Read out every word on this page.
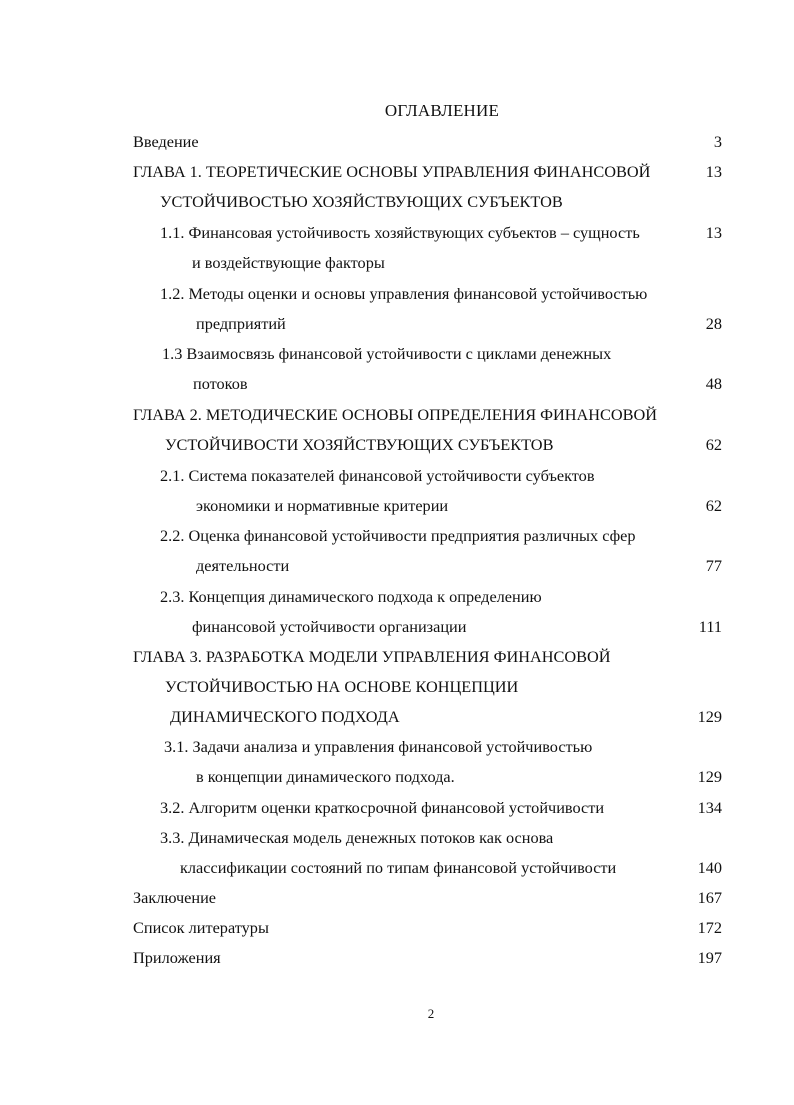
ОГЛАВЛЕНИЕ
Введение	3
ГЛАВА 1. ТЕОРЕТИЧЕСКИЕ ОСНОВЫ УПРАВЛЕНИЯ ФИНАНСОВОЙ	13
УСТОЙЧИВОСТЬЮ ХОЗЯЙСТВУЮЩИХ СУБЪЕКТОВ
1.1. Финансовая устойчивость хозяйствующих субъектов – сущность	13
и воздействующие факторы
1.2. Методы оценки и основы управления финансовой устойчивостью
предприятий	28
1.3 Взаимосвязь финансовой устойчивости с циклами денежных
потоков	48
ГЛАВА 2. МЕТОДИЧЕСКИЕ ОСНОВЫ ОПРЕДЕЛЕНИЯ ФИНАНСОВОЙ
УСТОЙЧИВОСТИ ХОЗЯЙСТВУЮЩИХ СУБЪЕКТОВ	62
2.1. Система показателей финансовой устойчивости субъектов
экономики и нормативные критерии	62
2.2. Оценка финансовой устойчивости предприятия различных сфер
деятельности	77
2.3. Концепция динамического подхода к определению
финансовой устойчивости организации	111
ГЛАВА 3. РАЗРАБОТКА МОДЕЛИ УПРАВЛЕНИЯ ФИНАНСОВОЙ
УСТОЙЧИВОСТЬЮ НА ОСНОВЕ КОНЦЕПЦИИ
ДИНАМИЧЕСКОГО ПОДХОДА	129
3.1. Задачи анализа и управления финансовой устойчивостью
в концепции динамического подхода.	129
3.2. Алгоритм оценки краткосрочной финансовой устойчивости	134
3.3. Динамическая модель денежных потоков как основа
классификации состояний по типам финансовой устойчивости	140
Заключение	167
Список литературы	172
Приложения	197
2
